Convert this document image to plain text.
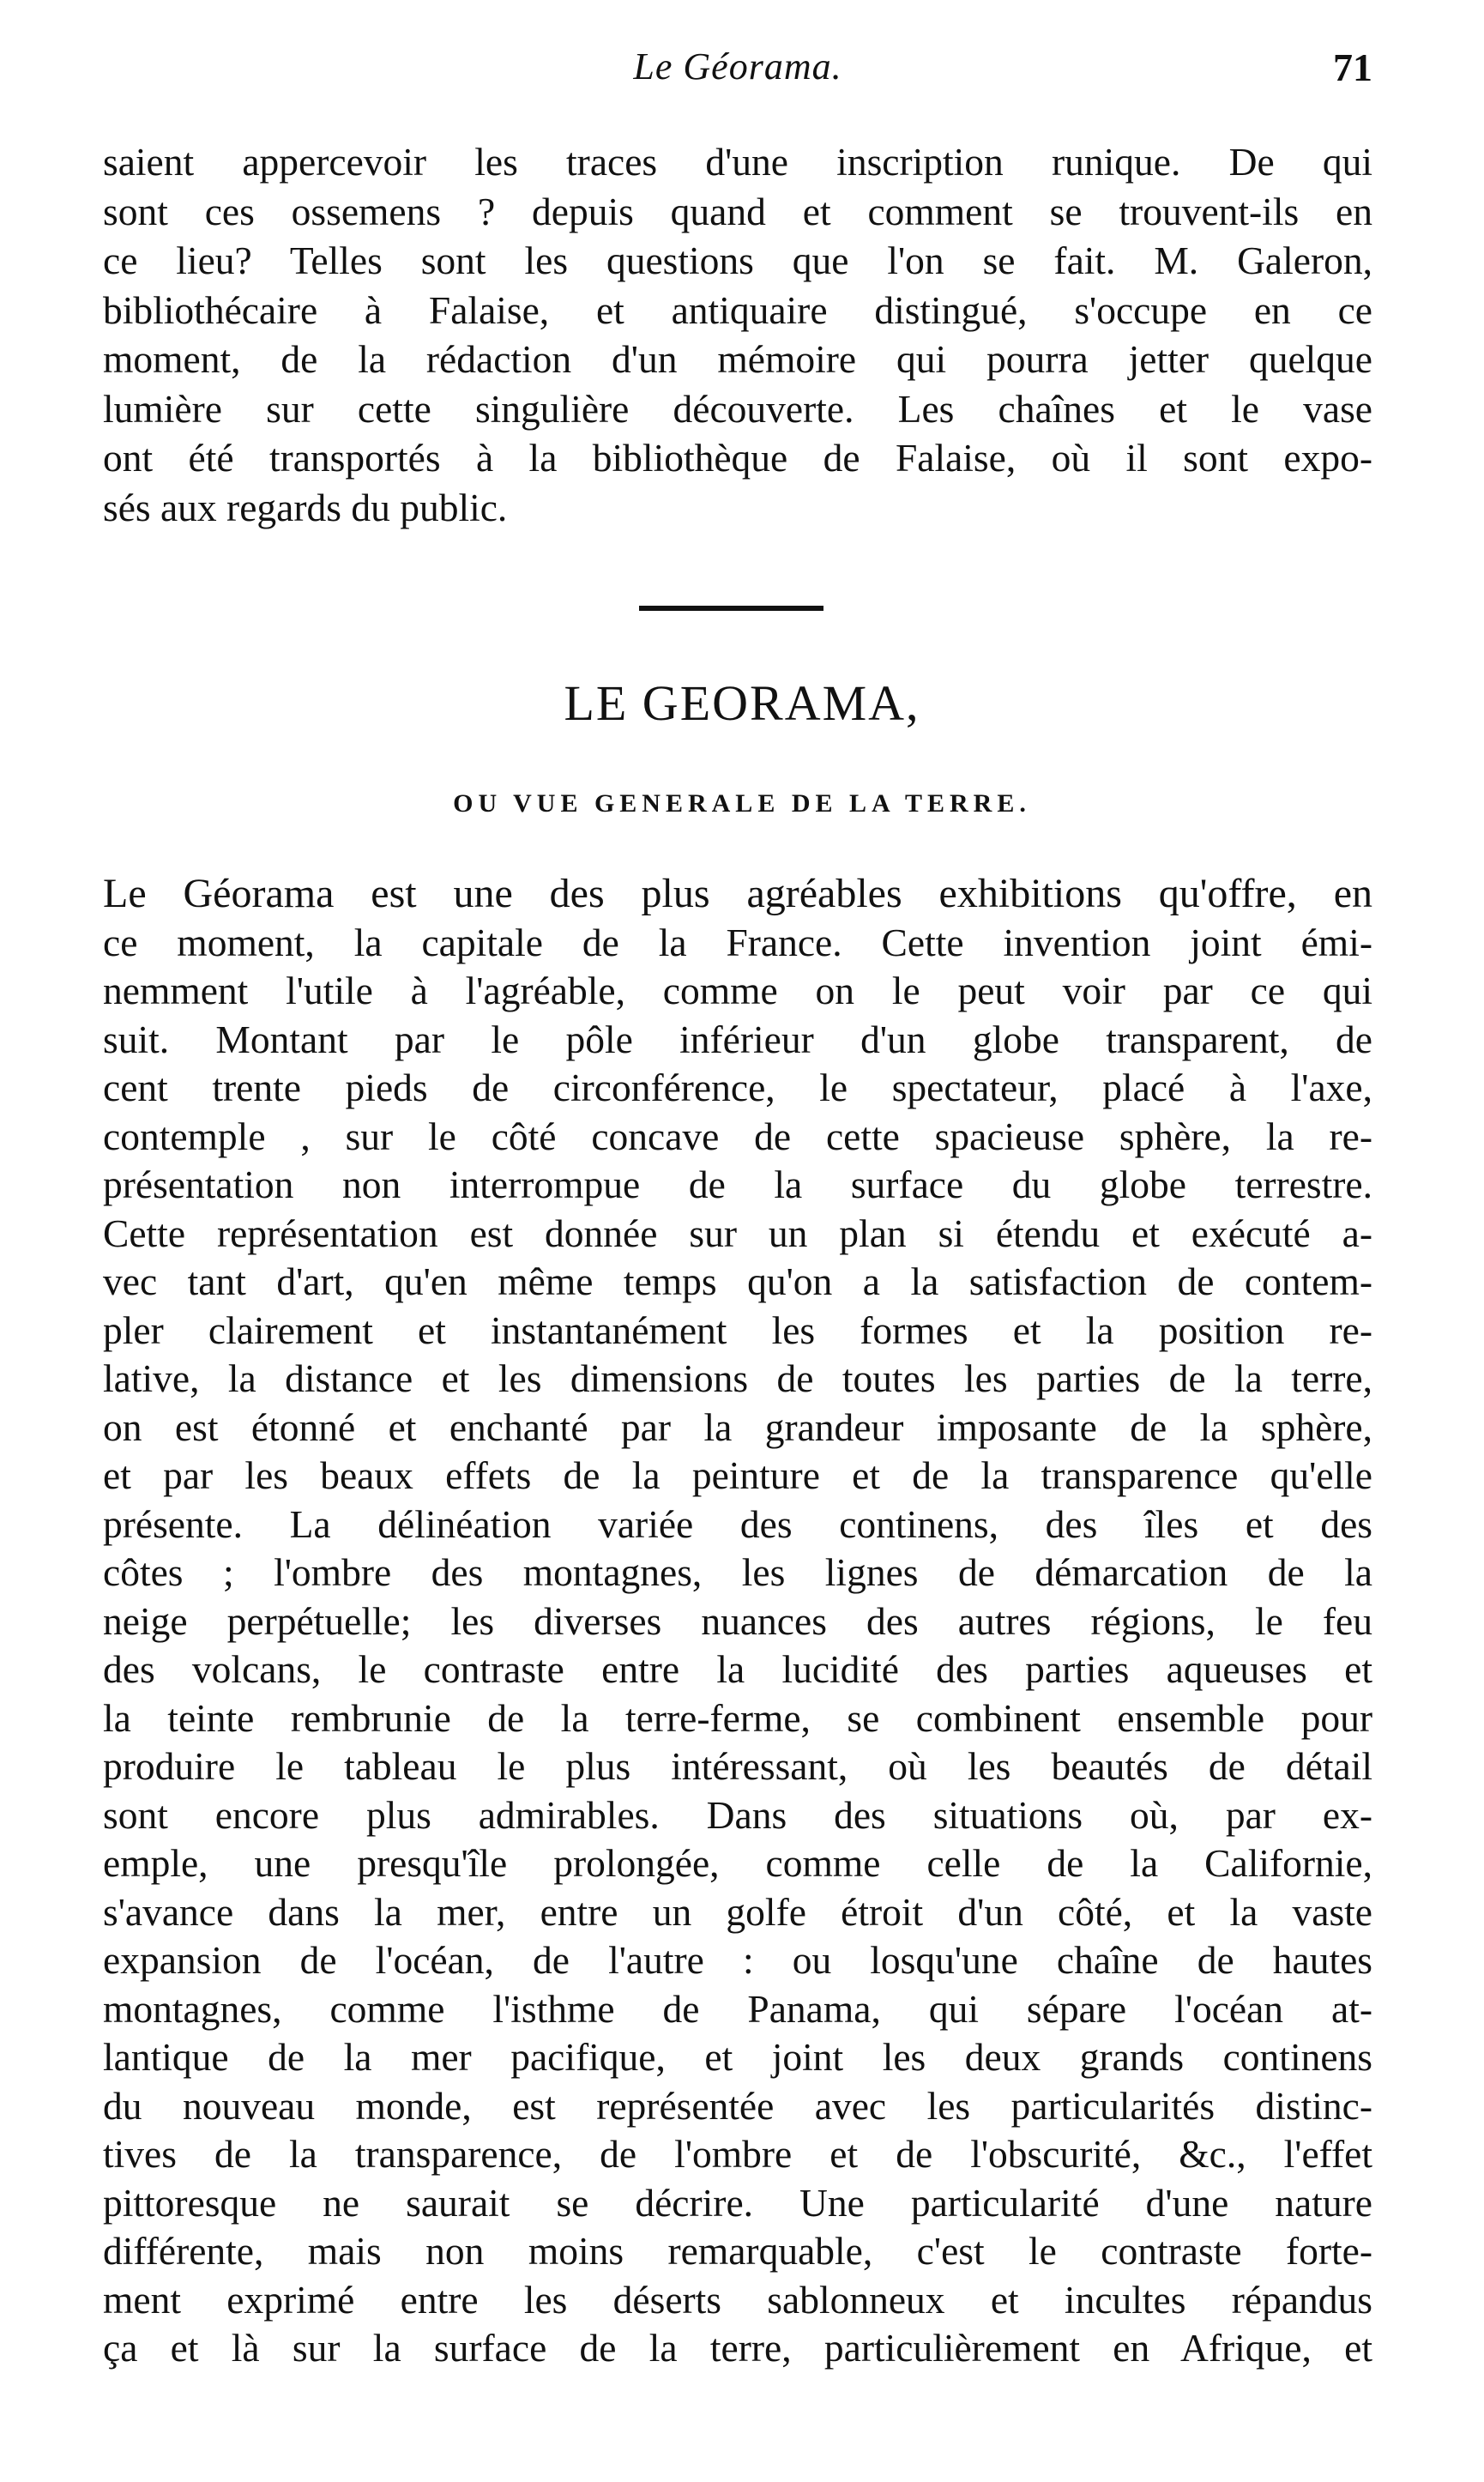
Le Géorama.	71
saient appercevoir les traces d'une inscription runique. De qui
sont ces ossemens ? depuis quand et comment se trouvent-ils en
ce lieu? Telles sont les questions que l'on se fait. M. Galeron,
bibliothécaire à Falaise, et antiquaire distingué, s'occupe en ce
moment, de la rédaction d'un mémoire qui pourra jetter quelque
lumière sur cette singulière découverte. Les chaînes et le vase
ont été transportés à la bibliothèque de Falaise, où il sont expo-
sés aux regards du public.
LE GEORAMA,
OU VUE GENERALE DE LA TERRE.
Le Géorama est une des plus agréables exhibitions qu'offre, en
ce moment, la capitale de la France. Cette invention joint émi-
nemment l'utile à l'agréable, comme on le peut voir par ce qui
suit. Montant par le pôle inférieur d'un globe transparent, de
cent trente pieds de circonférence, le spectateur, placé à l'axe,
contemple , sur le côté concave de cette spacieuse sphère, la re-
présentation non interrompue de la surface du globe terrestre.
Cette représentation est donnée sur un plan si étendu et exécuté a-
vec tant d'art, qu'en même temps qu'on a la satisfaction de contem-
pler clairement et instantanément les formes et la position re-
lative, la distance et les dimensions de toutes les parties de la terre,
on est étonné et enchanté par la grandeur imposante de la sphère,
et par les beaux effets de la peinture et de la transparence qu'elle
présente. La délinéation variée des continens, des îles et des
côtes ; l'ombre des montagnes, les lignes de démarcation de la
neige perpétuelle; les diverses nuances des autres régions, le feu
des volcans, le contraste entre la lucidité des parties aqueuses et
la teinte rembrunie de la terre-ferme, se combinent ensemble pour
produire le tableau le plus intéressant, où les beautés de détail
sont encore plus admirables. Dans des situations où, par ex-
emple, une presqu'île prolongée, comme celle de la Californie,
s'avance dans la mer, entre un golfe étroit d'un côté, et la vaste
expansion de l'océan, de l'autre : ou losqu'une chaîne de hautes
montagnes, comme l'isthme de Panama, qui sépare l'océan at-
lantique de la mer pacifique, et joint les deux grands continens
du nouveau monde, est représentée avec les particularités distinc-
tives de la transparence, de l'ombre et de l'obscurité, &c., l'effet
pittoresque ne saurait se décrire. Une particularité d'une nature
différente, mais non moins remarquable, c'est le contraste forte-
ment exprimé entre les déserts sablonneux et incultes répandus
ça et là sur la surface de la terre, particulièrement en Afrique, et
